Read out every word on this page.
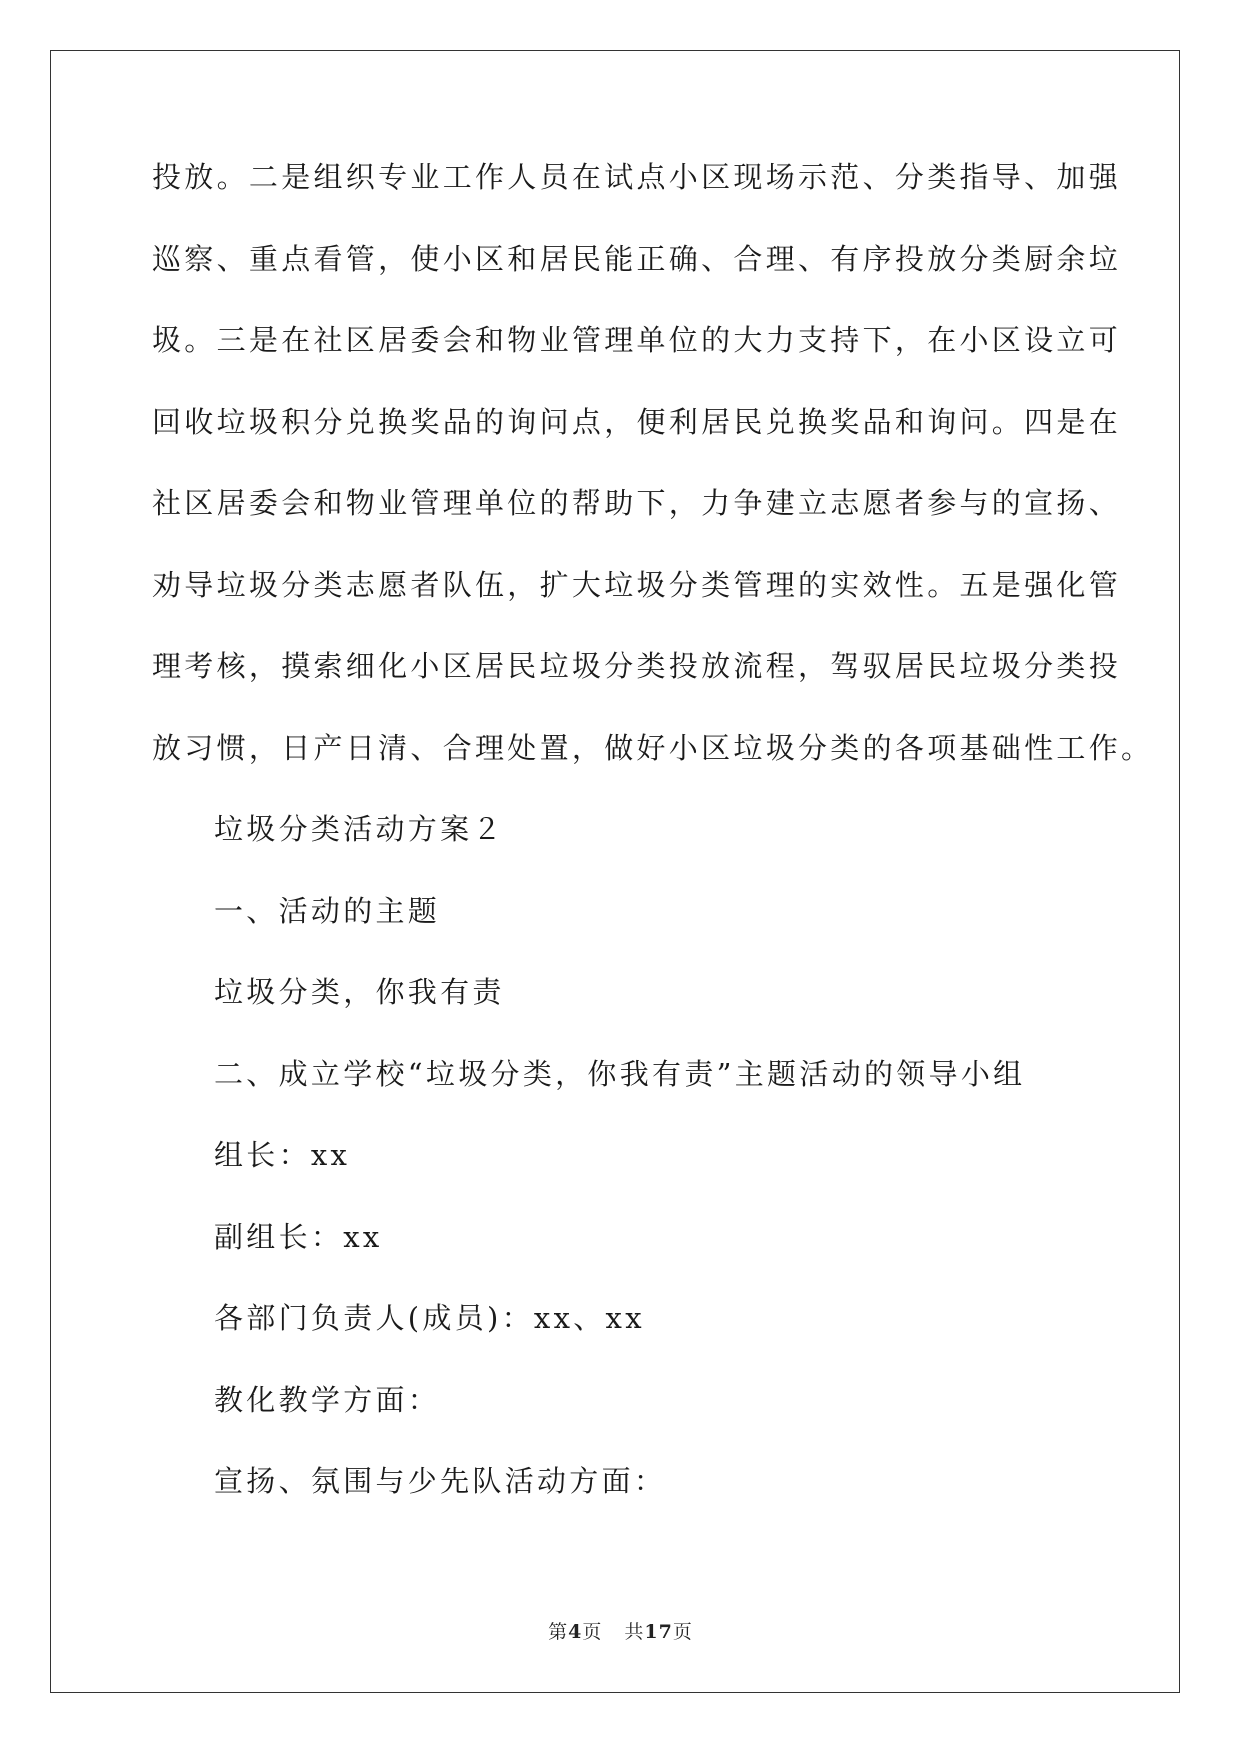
投放。二是组织专业工作人员在试点小区现场示范、分类指导、加强
巡察、重点看管，使小区和居民能正确、合理、有序投放分类厨余垃
圾。三是在社区居委会和物业管理单位的大力支持下，在小区设立可
回收垃圾积分兑换奖品的询问点，便利居民兑换奖品和询问。四是在
社区居委会和物业管理单位的帮助下，力争建立志愿者参与的宣扬、
劝导垃圾分类志愿者队伍，扩大垃圾分类管理的实效性。五是强化管
理考核，摸索细化小区居民垃圾分类投放流程，驾驭居民垃圾分类投
放习惯，日产日清、合理处置，做好小区垃圾分类的各项基础性工作。
垃圾分类活动方案２
一、活动的主题
垃圾分类，你我有责
二、成立学校“垃圾分类，你我有责”主题活动的领导小组
组长：xx
副组长：xx
各部门负责人(成员)：xx、xx
教化教学方面：
宣扬、氛围与少先队活动方面：
第4页 共17页
